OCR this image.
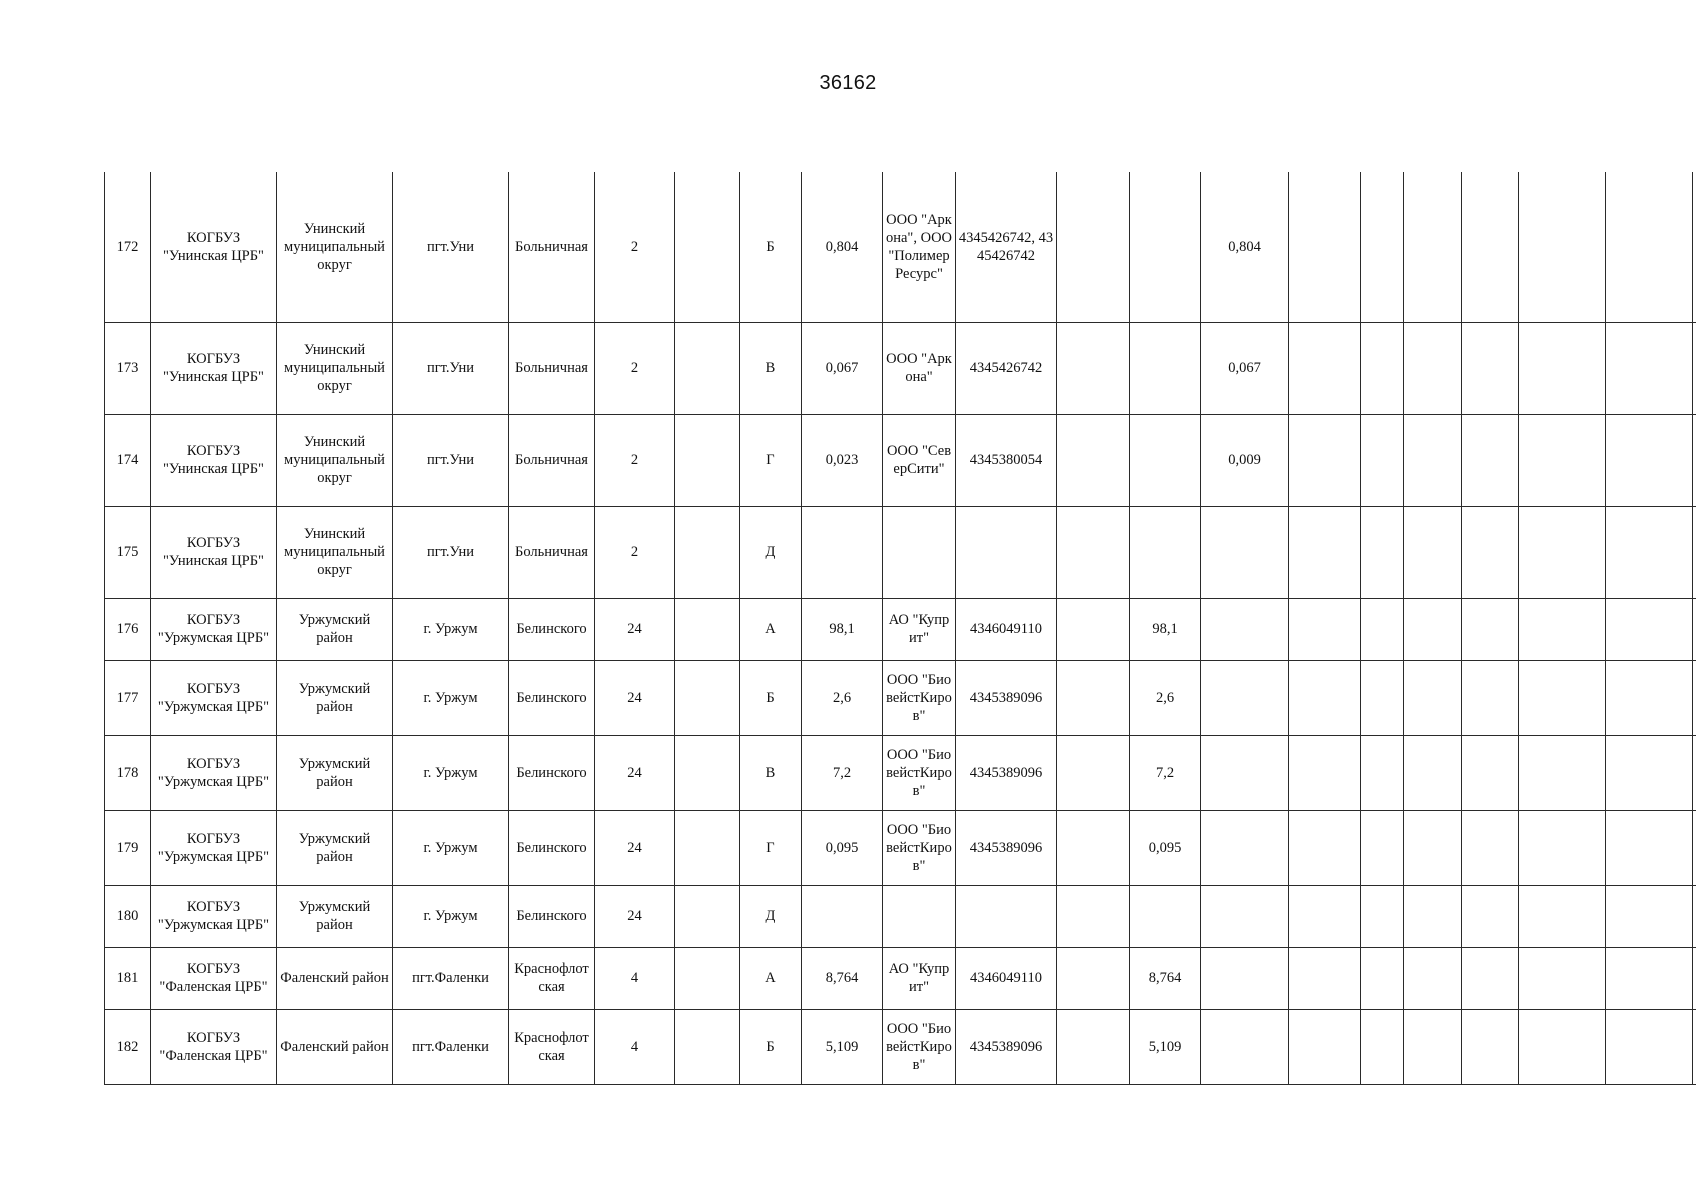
36162
172	КОГБУЗ "Унинская ЦРБ"	Унинский муниципальный округ	пгт.Уни	Больничная	2		Б	0,804	ООО "Аркона", ООО "ПолимерРесурс"	4345426742, 4345426742			0,804							
173	КОГБУЗ "Унинская ЦРБ"	Унинский муниципальный округ	пгт.Уни	Больничная	2		В	0,067	ООО "Аркона"	4345426742			0,067							
174	КОГБУЗ "Унинская ЦРБ"	Унинский муниципальный округ	пгт.Уни	Больничная	2		Г	0,023	ООО "СеверСити"	4345380054			0,009							
175	КОГБУЗ "Унинская ЦРБ"	Унинский муниципальный округ	пгт.Уни	Больничная	2		Д													
176	КОГБУЗ "Уржумская ЦРБ"	Уржумский район	г. Уржум	Белинского	24		А	98,1	АО "Куприт"	4346049110		98,1								
177	КОГБУЗ "Уржумская ЦРБ"	Уржумский район	г. Уржум	Белинского	24		Б	2,6	ООО "БиовейстКиров"	4345389096		2,6								
178	КОГБУЗ "Уржумская ЦРБ"	Уржумский район	г. Уржум	Белинского	24		В	7,2	ООО "БиовейстКиров"	4345389096		7,2								
179	КОГБУЗ "Уржумская ЦРБ"	Уржумский район	г. Уржум	Белинского	24		Г	0,095	ООО "БиовейстКиров"	4345389096		0,095								
180	КОГБУЗ "Уржумская ЦРБ"	Уржумский район	г. Уржум	Белинского	24		Д													
181	КОГБУЗ "Фаленская ЦРБ"	Фаленский район	пгт.Фаленки	Краснофлотская	4		А	8,764	АО "Куприт"	4346049110		8,764								
182	КОГБУЗ "Фаленская ЦРБ"	Фаленский район	пгт.Фаленки	Краснофлотская	4		Б	5,109	ООО "БиовейстКиров"	4345389096		5,109								
